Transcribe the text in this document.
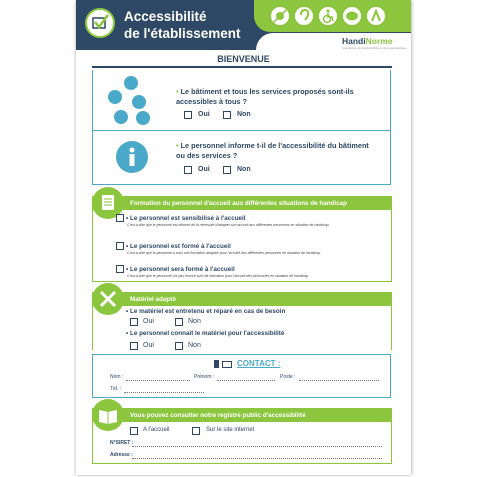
Accessibilité
de l'établissement	HandiNorme
Spécialiste de l'accessibilité et de la signalétique
BIENVENUE
• Le bâtiment et tous les services proposés sont-ils accessibles à tous ?
Oui	Non
• Le personnel informe t-il de l'accessibilité du bâtiment ou des services ?
Oui	Non
Formation du personnel d'accueil aux différentes situations de handicap
• Le personnel est sensibilisé à l'accueil
C'est-à-dire que le personnel est informé de la nécessité d'adapter son accueil aux différentes personnes en situation de handicap.
• Le personnel est formé à l'accueil
C'est-à-dire que le personnel a suivi une formation adaptée pour l'accueil des différentes personnes en situation de handicap.
• Le personnel sera formé à l'accueil
C'est-à-dire que le personnel n'a pas encore suivi de formation pour l'accueil des personnes en situation de handicap.
Matériel adapté
• Le matériel est entretenu et réparé en cas de besoin
Oui	Non
• Le personnel connaît le matériel pour l'accessibilité
Oui	Non
CONTACT :
Nom :	Prénom :	Poste :
Tél. :
Vous pouvez consulter notre registre public d'accessibilité
A l'accueil	Sur le site internet
N°SIRET :
Adresse :
